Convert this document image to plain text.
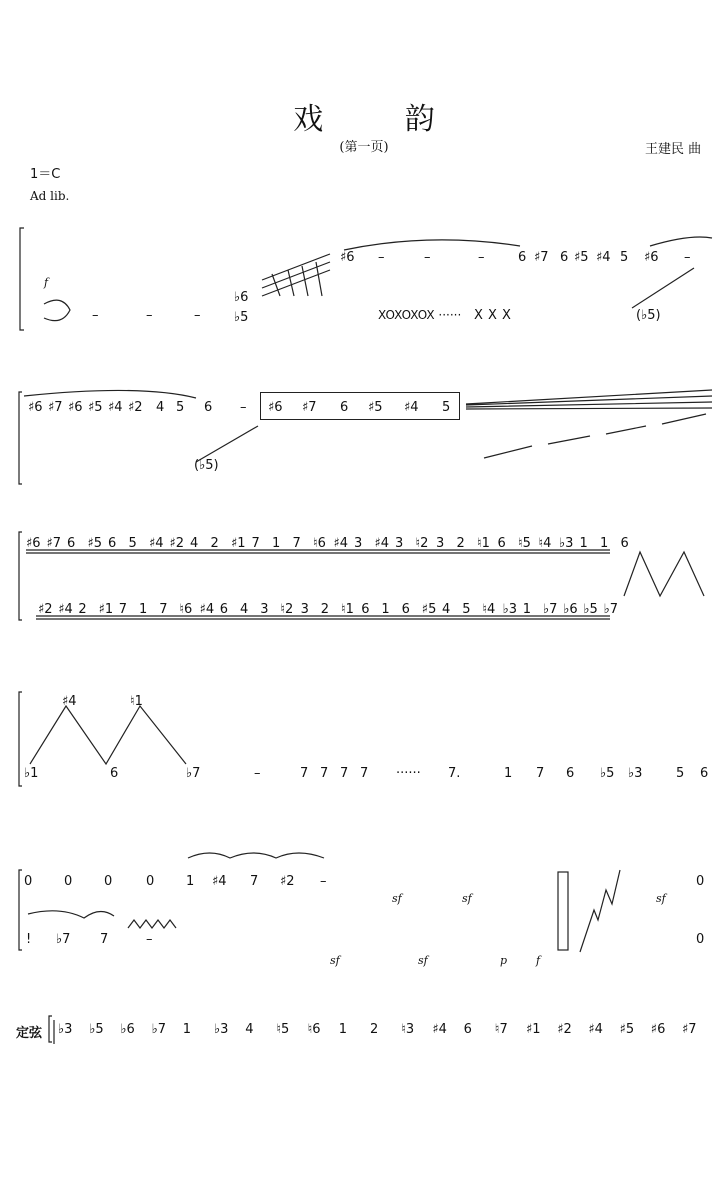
戏 韵
(第一页)	王建民 曲
1＝C
Ad lib.
♯6 –	–	–	6 ♯7 6 ♯5 ♯4 5 ♯6 –
f
–	–	–
♭6
♭5	XOXOXOX ······ X X X	(♭5)
♯6 ♯7 ♯6 ♯5 ♯4 ♯2 4 5 6 – ♯6 ♯7 6 ♯5 ♯4 5
(♭5)
♯6 ♯7 6 ♯5 6 5 ♯4 ♯2 4 2 ♯1 7 1 7 ♮6 ♯4 3 ♯4 3 ♮2 3 2 ♮1 6 ♮5 ♮4 ♭3 1 1 6
♯2 ♯4 2 ♯1 7 1 7 ♮6 ♯4 6 4 3 ♮2 3 2 ♮1 6 1 6 ♯5 4 5 ♮4 ♭3 1 ♭7 ♭6 ♭5 ♭7
♯4	♮1
♭1	6	♭7	–	7 7 7 7 ······ 7.	1 7 6 ♭5 ♭3	5 6
0 0 0	0 1 ♯4 7 ♯2 –	0
! ♭7 7	–	0
sf	sf	sf
sf	sf	p	f
定弦 ♭3 ♭5 ♭6 ♭7 1 ♭3 4 ♮5 ♮6 1 2 ♮3 ♯4 6 ♮7 ♯1 ♯2 ♯4 ♯5 ♯6 ♯7
